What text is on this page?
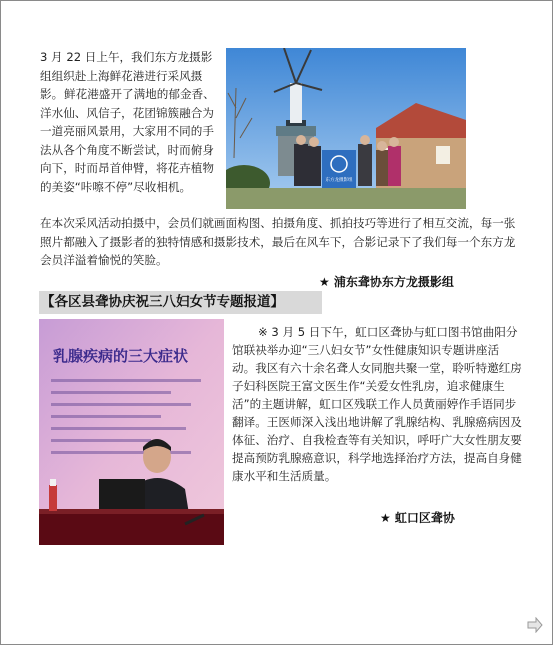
3 月 22 日上午，我们东方龙摄影组组织赴上海鲜花港进行采风摄影。 鲜花港盛开了满地的郁金香、洋水仙、风信子，花团锦簇融合为一道亮丽风景用，大家用不同的手法从各个角度不断尝试，时而俯身向下，时而昂首伸臂，将花卉植物的美姿“咔嚓不停”尽收相机。
在本次采风活动拍摄中，会员们就画面构图、拍摄角度、抓拍技巧等进行了相互交流，每一张照片都融入了摄影者的独特情感和摄影技术，最后在风车下，合影记录下了我们每一个东方龙会员洋溢着愉悦的笑脸。
东方龙摄影组
★ 浦东聋协东方龙摄影组
【各区县聋协庆祝三八妇女节专题报道】
乳腺疾病的三大症状
※ 3 月 5 日下午，虹口区聋协与虹口图书馆曲阳分馆联袂举办迎“三八妇女节”女性健康知识专题讲座活动。我区有六十余名聋人女同胞共聚一堂，聆听特邀红房子妇科医院王富文医生作“关爱女性乳房，追求健康生活”的主题讲解，虹口区残联工作人员黄丽婷作手语同步翻译。王医师深入浅出地讲解了乳腺结构、乳腺癌病因及体征、治疗、自我检查等有关知识，呼吁广大女性朋友要提高预防乳腺癌意识，科学地选择治疗方法，提高自身健康水平和生活质量。
★ 虹口区聋协
